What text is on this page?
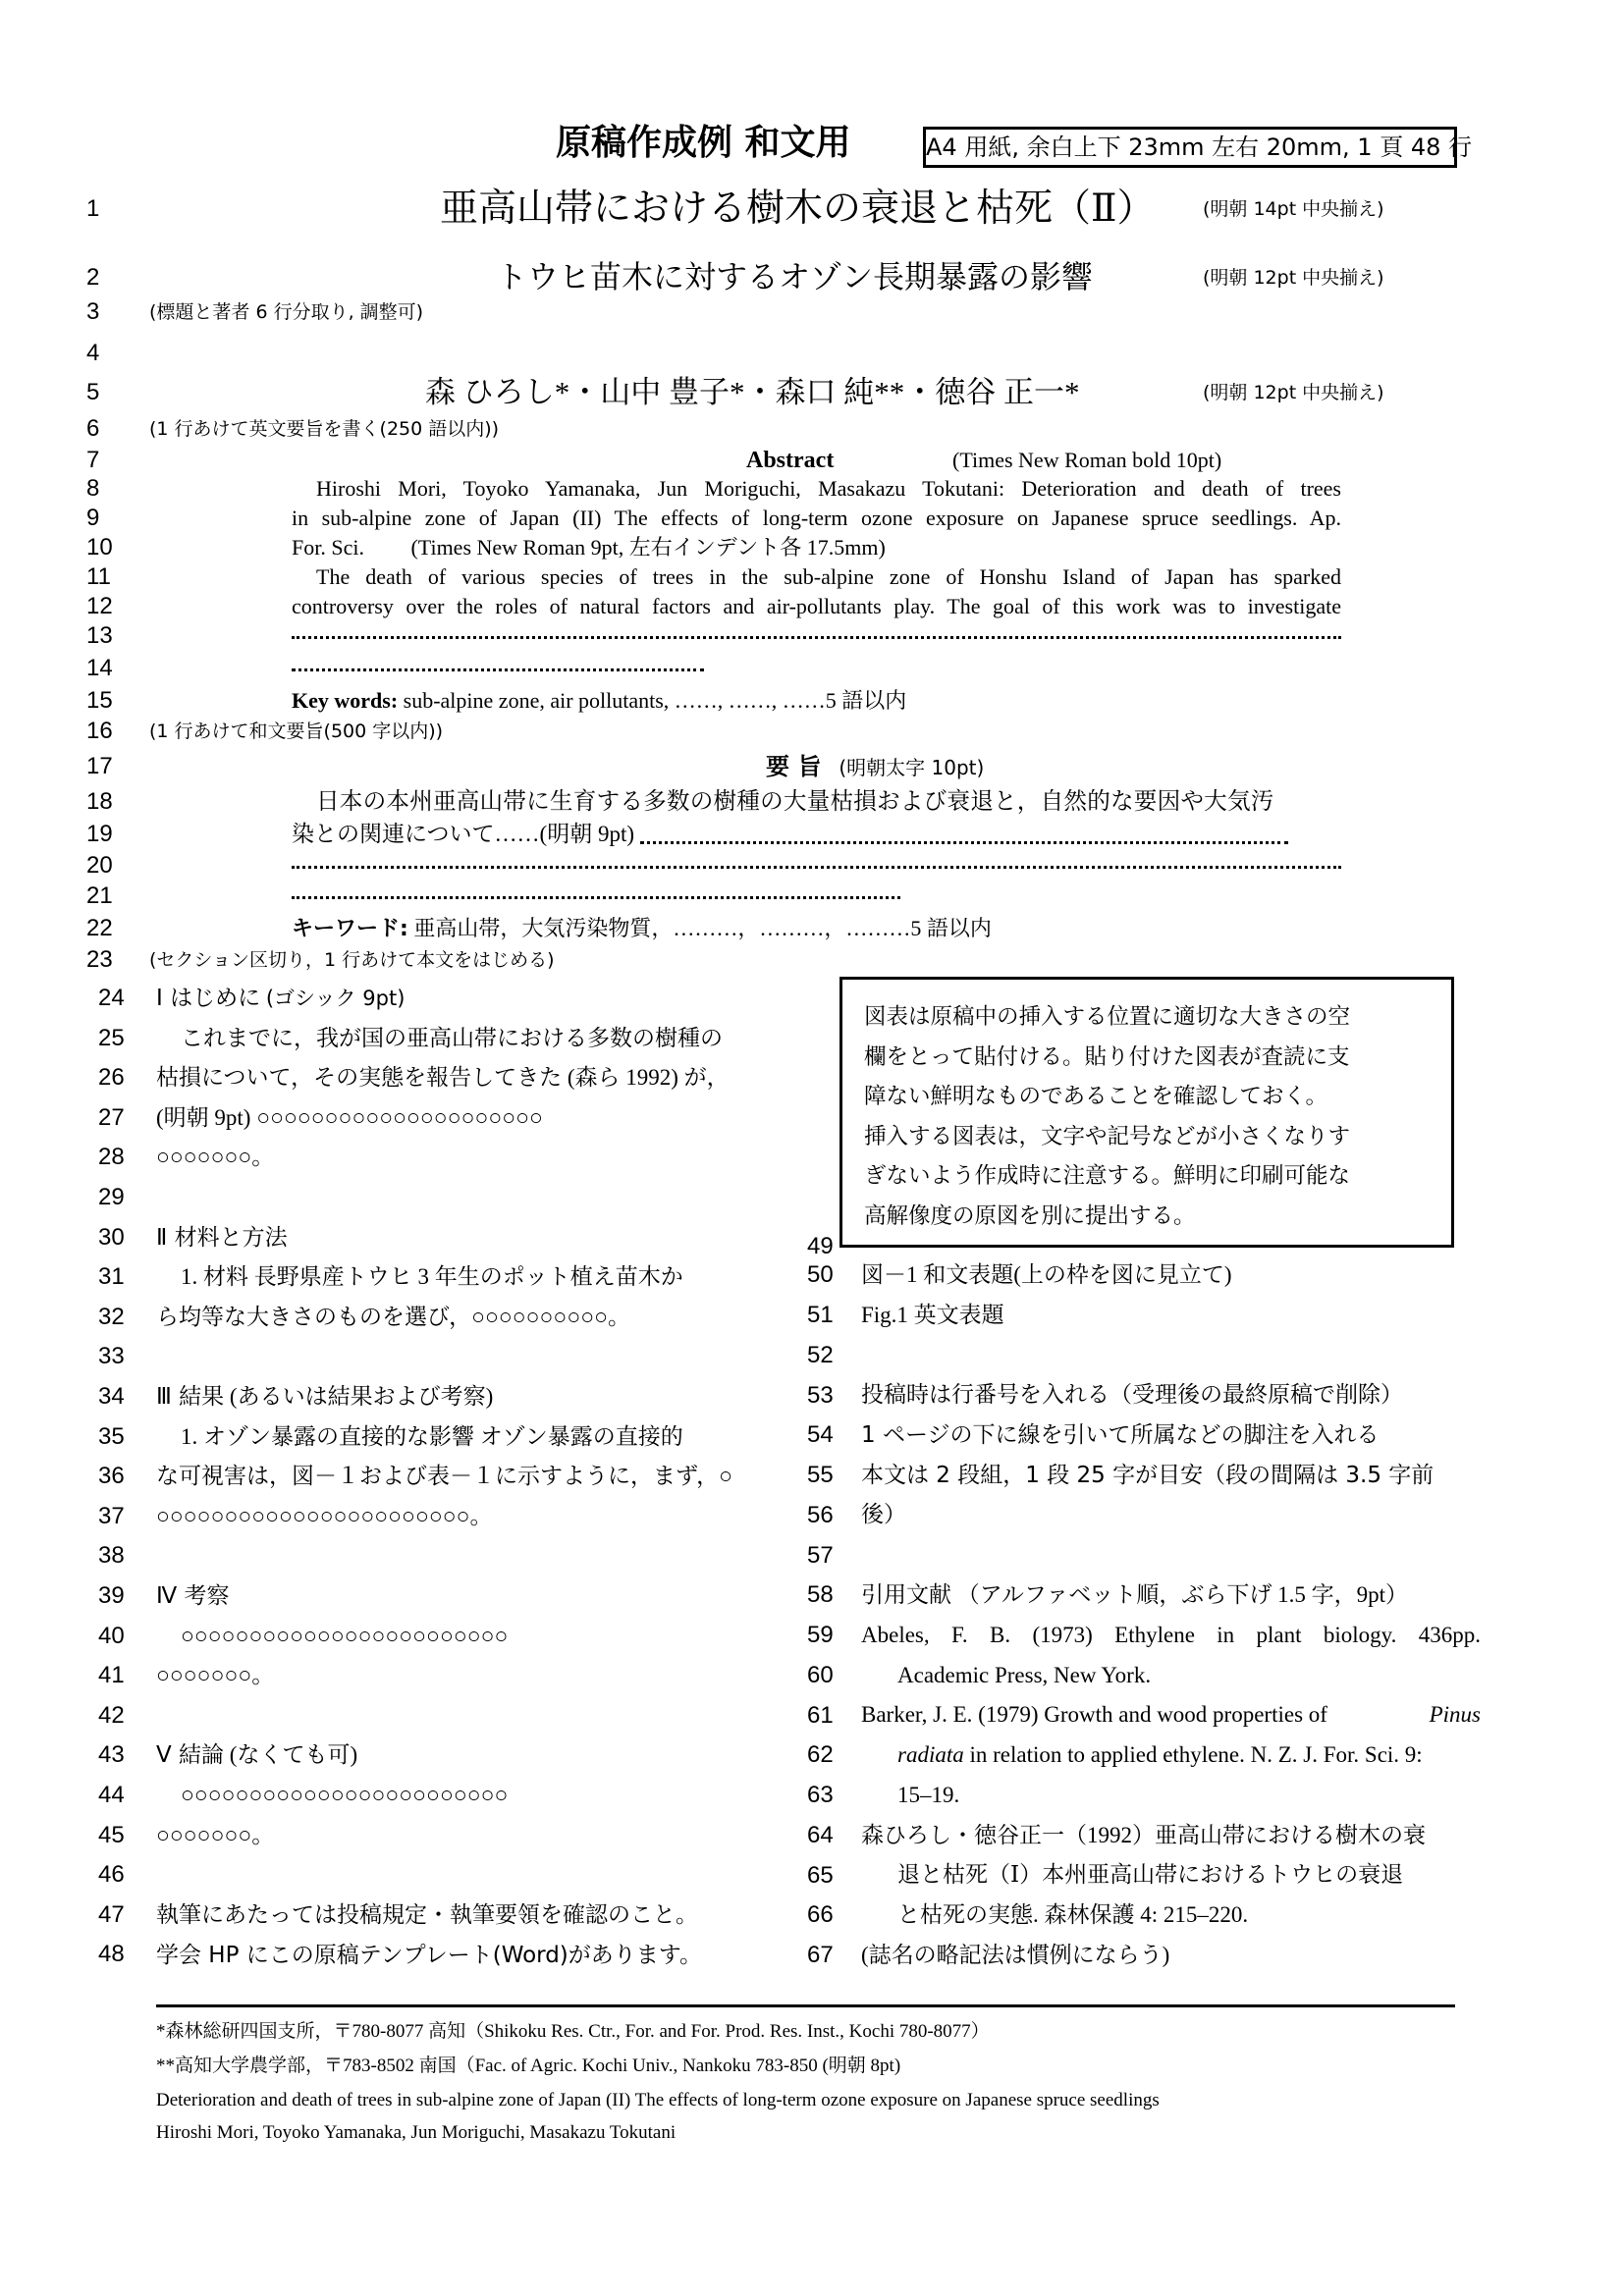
原稿作成例 和文用	A4 用紙, 余白上下 23mm 左右 20mm, 1 頁 48 行
1
2
3
4
5
6
7
8
9
10
11
12
13
14
15
16
17
18
19
20
21
22
23
24
25
26
27
28
29
30
31
32
33
34
35
36
37
38
39
40
41
42
43
44
45
46
47
48
49
50
51
52
53
54
55
56
57
58
59
60
61
62
63
64
65
66
67
亜高山帯における樹木の衰退と枯死（Ⅱ）	(明朝 14pt 中央揃え)
トウヒ苗木に対するオゾン長期暴露の影響	(明朝 12pt 中央揃え)
(標題と著者 6 行分取り, 調整可)
森 ひろし*・山中 豊子*・森口 純**・徳谷 正一*	(明朝 12pt 中央揃え)
(1 行あけて英文要旨を書く(250 語以内))
Abstract	(Times New Roman bold 10pt)
Hiroshi Mori, Toyoko Yamanaka, Jun Moriguchi, Masakazu Tokutani: Deterioration and death of trees
in sub-alpine zone of Japan (II) The effects of long-term ozone exposure on Japanese spruce seedlings. Ap.
For. Sci. (Times New Roman 9pt, 左右インデント各 17.5mm)
The death of various species of trees in the sub-alpine zone of Honshu Island of Japan has sparked
controversy over the roles of natural factors and air-pollutants play. The goal of this work was to investigate
Key words: sub-alpine zone, air pollutants, ……, ……, ……5 語以内
(1 行あけて和文要旨(500 字以内))
要 旨 (明朝太字 10pt)
日本の本州亜高山帯に生育する多数の樹種の大量枯損および衰退と，自然的な要因や大気汚
染との関連について……(明朝 9pt)
キーワード: 亜高山帯，大気汚染物質，………，………，………5 語以内
(セクション区切り，1 行あけて本文をはじめる)
Ⅰ はじめに (ゴシック 9pt)
これまでに，我が国の亜高山帯における多数の樹種の
枯損について，その実態を報告してきた (森ら 1992) が，
(明朝 9pt) ○○○○○○○○○○○○○○○○○○○○○
○○○○○○○。
Ⅱ 材料と方法
1. 材料 長野県産トウヒ 3 年生のポット植え苗木か
ら均等な大きさのものを選び，○○○○○○○○○○。
Ⅲ 結果 (あるいは結果および考察)
1. オゾン暴露の直接的な影響 オゾン暴露の直接的
な可視害は，図－１および表－１に示すように，まず，○
○○○○○○○○○○○○○○○○○○○○○○○。
Ⅳ 考察
○○○○○○○○○○○○○○○○○○○○○○○○
○○○○○○○。
Ⅴ 結論 (なくても可)
○○○○○○○○○○○○○○○○○○○○○○○○
○○○○○○○。
執筆にあたっては投稿規定・執筆要領を確認のこと。
学会 HP にこの原稿テンプレート(Word)があります。
図表は原稿中の挿入する位置に適切な大きさの空
欄をとって貼付ける。貼り付けた図表が査読に支
障ない鮮明なものであることを確認しておく。
挿入する図表は，文字や記号などが小さくなりす
ぎないよう作成時に注意する。鮮明に印刷可能な
高解像度の原図を別に提出する。
図－1 和文表題(上の枠を図に見立て)
Fig.1 英文表題
投稿時は行番号を入れる（受理後の最終原稿で削除）
1 ページの下に線を引いて所属などの脚注を入れる
本文は 2 段組，1 段 25 字が目安（段の間隔は 3.5 字前
後）
引用文献 （アルファベット順，ぶら下げ 1.5 字，9pt）
Abeles, F. B. (1973) Ethylene in plant biology. 436pp.
Academic Press, New York.
Barker, J. E. (1979) Growth and wood properties of	Pinus
radiata in relation to applied ethylene. N. Z. J. For. Sci. 9:
15–19.
森ひろし・徳谷正一（1992）亜高山帯における樹木の衰
退と枯死（Ⅰ）本州亜高山帯におけるトウヒの衰退
と枯死の実態. 森林保護 4: 215–220.
(誌名の略記法は慣例にならう)
*森林総研四国支所，〒780-8077 高知（Shikoku Res. Ctr., For. and For. Prod. Res. Inst., Kochi 780-8077）
**高知大学農学部，〒783-8502 南国（Fac. of Agric. Kochi Univ., Nankoku 783-850 (明朝 8pt)
Deterioration and death of trees in sub-alpine zone of Japan (II) The effects of long-term ozone exposure on Japanese spruce seedlings
Hiroshi Mori, Toyoko Yamanaka, Jun Moriguchi, Masakazu Tokutani
